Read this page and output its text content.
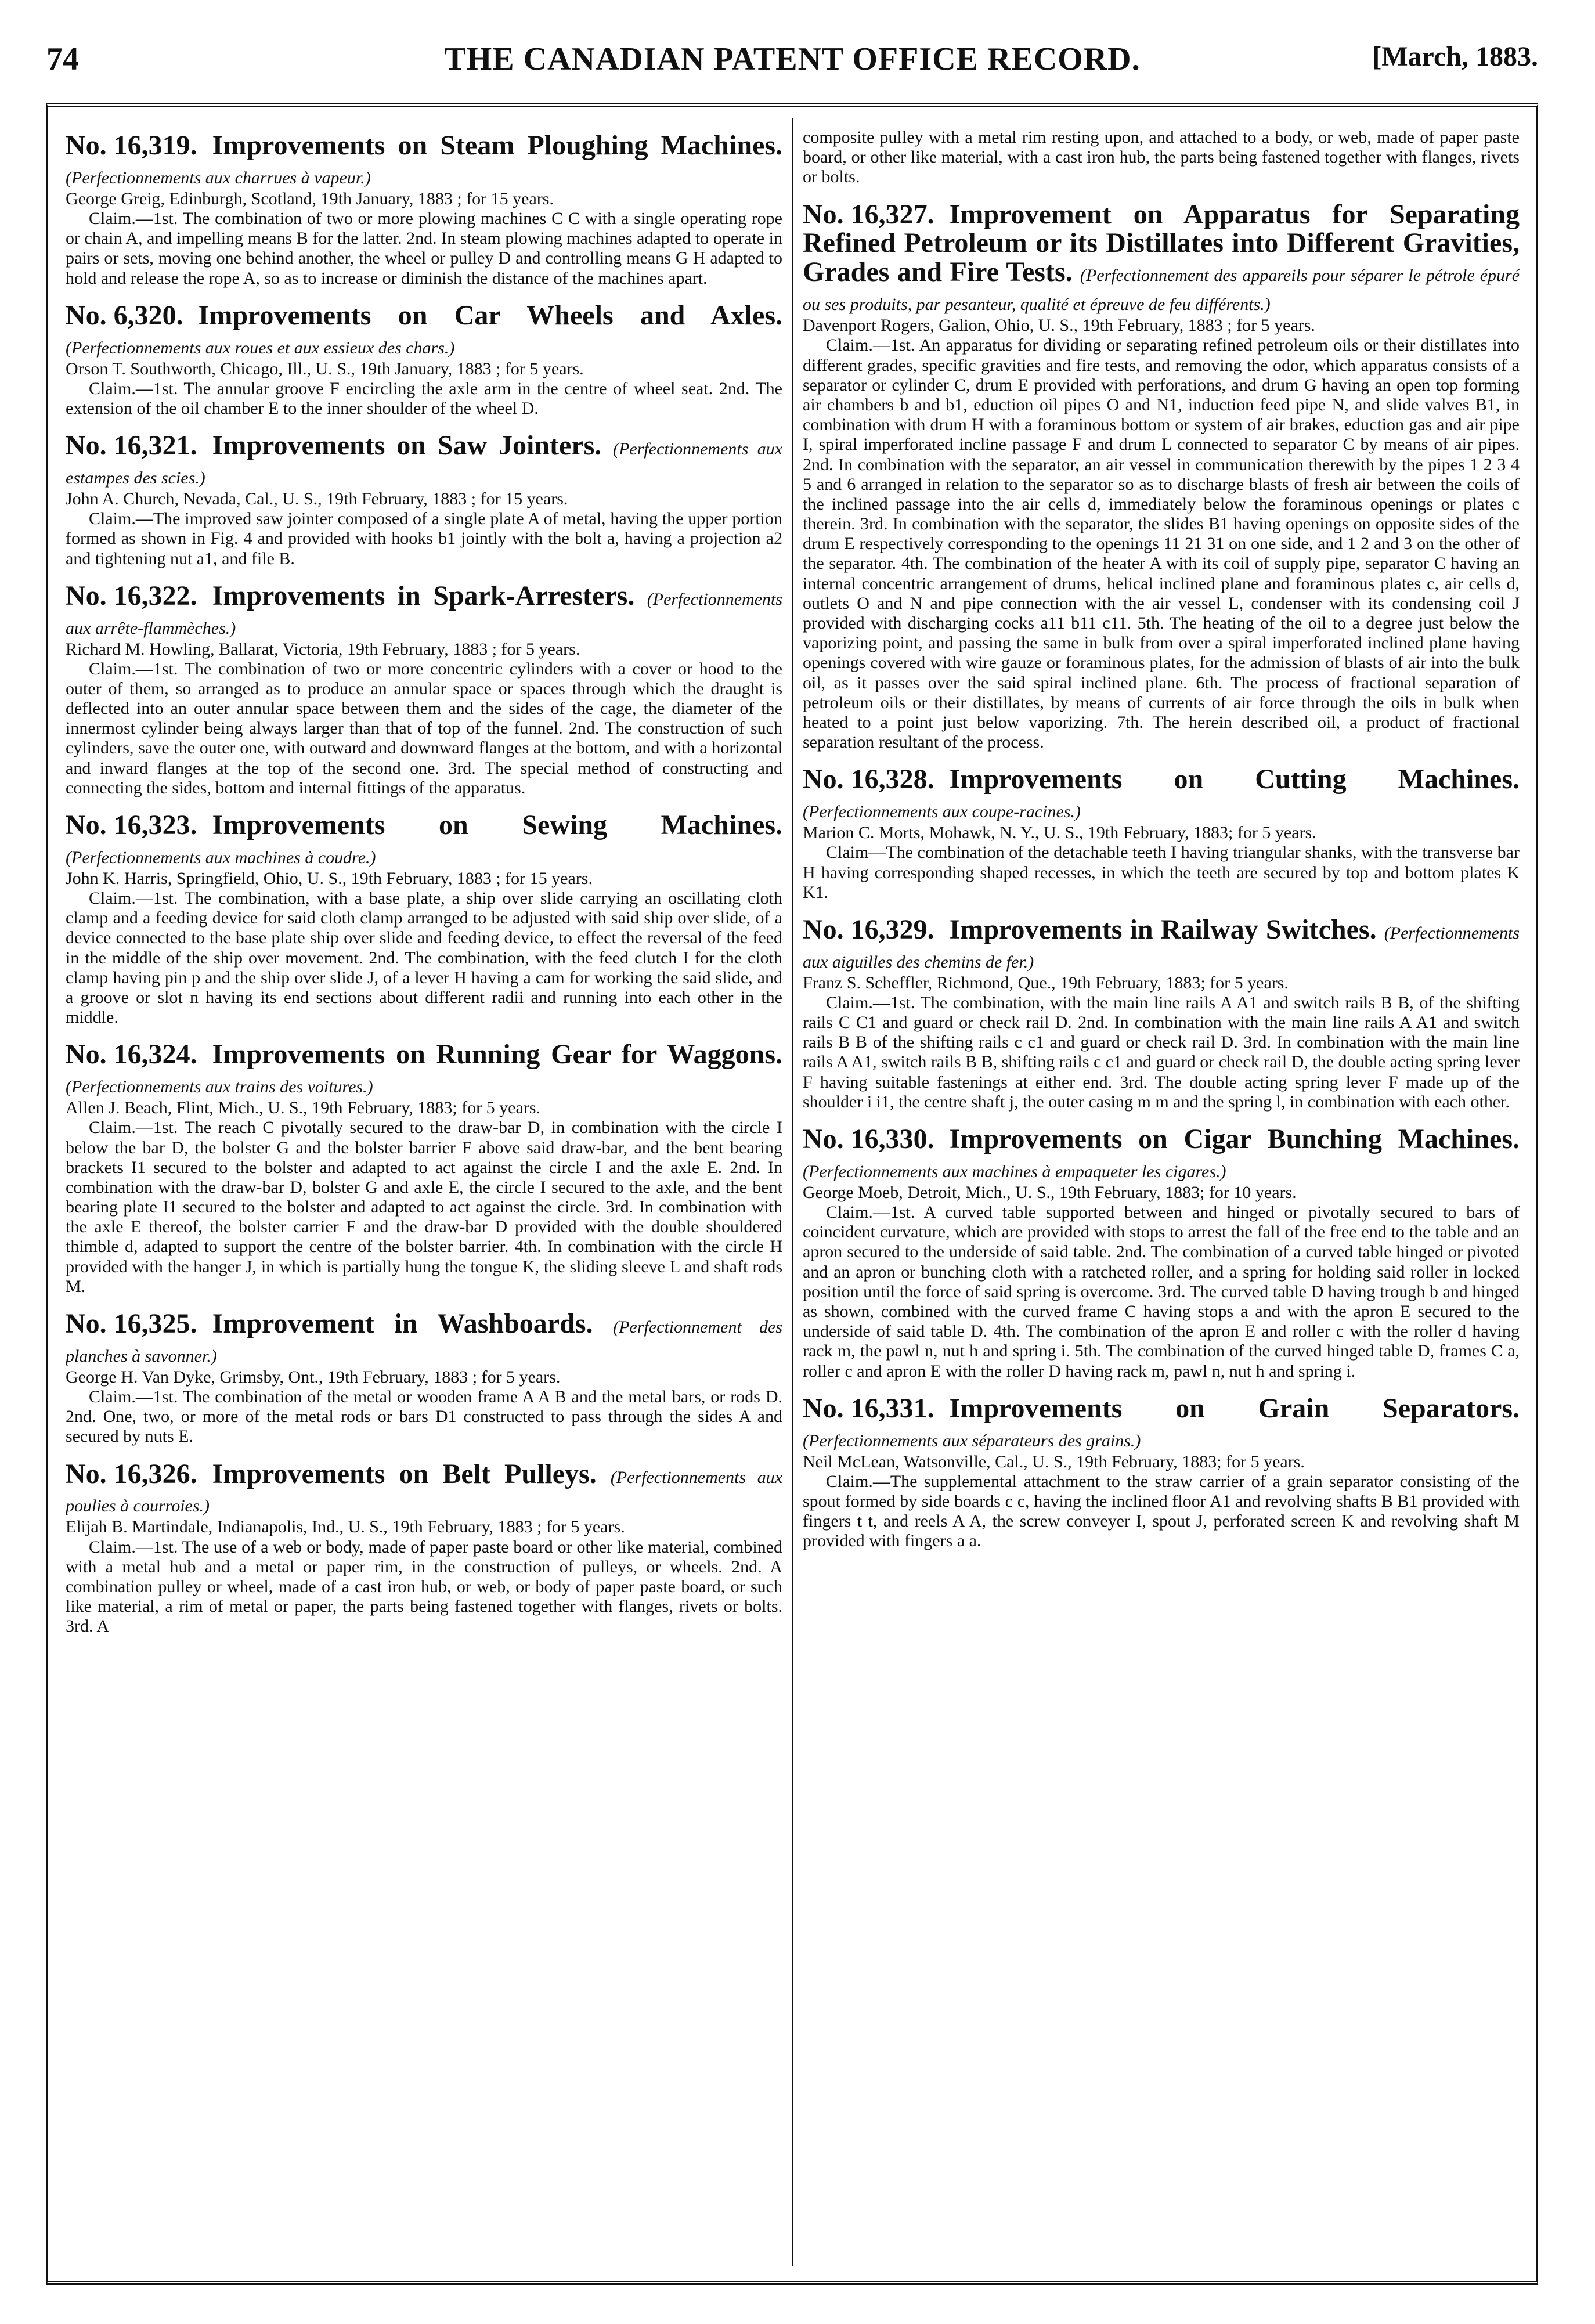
74	THE CANADIAN PATENT OFFICE RECORD.	[March, 1883.
No. 16,319. Improvements on Steam Ploughing Machines. (Perfectionnements aux charrues à vapeur.)

George Greig, Edinburgh, Scotland, 19th January, 1883 ; for 15 years.

Claim.—1st. The combination of two or more plowing machines C C with a single operating rope or chain A, and impelling means B for the latter. 2nd. In steam plowing machines adapted to operate in pairs or sets, moving one behind another, the wheel or pulley D and controlling means G H adapted to hold and release the rope A, so as to increase or diminish the distance of the machines apart.

No. 6,320. Improvements on Car Wheels and Axles. (Perfectionnements aux roues et aux essieux des chars.)

Orson T. Southworth, Chicago, Ill., U. S., 19th January, 1883 ; for 5 years.

Claim.—1st. The annular groove F encircling the axle arm in the centre of wheel seat. 2nd. The extension of the oil chamber E to the inner shoulder of the wheel D.

No. 16,321. Improvements on Saw Jointers. (Perfectionnements aux estampes des scies.)

John A. Church, Nevada, Cal., U. S., 19th February, 1883 ; for 15 years.

Claim.—The improved saw jointer composed of a single plate A of metal, having the upper portion formed as shown in Fig. 4 and provided with hooks b1 jointly with the bolt a, having a projection a2 and tightening nut a1, and file B.

No. 16,322. Improvements in Spark-Arresters. (Perfectionnements aux arrête-flammèches.)

Richard M. Howling, Ballarat, Victoria, 19th February, 1883 ; for 5 years.

Claim.—1st. The combination of two or more concentric cylinders with a cover or hood to the outer of them, so arranged as to produce an annular space or spaces through which the draught is deflected into an outer annular space between them and the sides of the cage, the diameter of the innermost cylinder being always larger than that of top of the funnel. 2nd. The construction of such cylinders, save the outer one, with outward and downward flanges at the bottom, and with a horizontal and inward flanges at the top of the second one. 3rd. The special method of constructing and connecting the sides, bottom and internal fittings of the apparatus.

No. 16,323. Improvements on Sewing Machines. (Perfectionnements aux machines à coudre.)

John K. Harris, Springfield, Ohio, U. S., 19th February, 1883 ; for 15 years.

Claim.—1st. The combination, with a base plate, a ship over slide carrying an oscillating cloth clamp and a feeding device for said cloth clamp arranged to be adjusted with said ship over slide, of a device connected to the base plate ship over slide and feeding device, to effect the reversal of the feed in the middle of the ship over movement. 2nd. The combination, with the feed clutch I for the cloth clamp having pin p and the ship over slide J, of a lever H having a cam for working the said slide, and a groove or slot n having its end sections about different radii and running into each other in the middle.

No. 16,324. Improvements on Running Gear for Waggons. (Perfectionnements aux trains des voitures.)

Allen J. Beach, Flint, Mich., U. S., 19th February, 1883; for 5 years.

Claim.—1st. The reach C pivotally secured to the draw-bar D, in combination with the circle I below the bar D, the bolster G and the bolster barrier F above said draw-bar, and the bent bearing brackets I1 secured to the bolster and adapted to act against the circle I and the axle E. 2nd. In combination with the draw-bar D, bolster G and axle E, the circle I secured to the axle, and the bent bearing plate I1 secured to the bolster and adapted to act against the circle. 3rd. In combination with the axle E thereof, the bolster carrier F and the draw-bar D provided with the double shouldered thimble d, adapted to support the centre of the bolster barrier. 4th. In combination with the circle H provided with the hanger J, in which is partially hung the tongue K, the sliding sleeve L and shaft rods M.

No. 16,325. Improvement in Washboards. (Perfectionnement des planches à savonner.)

George H. Van Dyke, Grimsby, Ont., 19th February, 1883 ; for 5 years.

Claim.—1st. The combination of the metal or wooden frame A A B and the metal bars, or rods D. 2nd. One, two, or more of the metal rods or bars D1 constructed to pass through the sides A and secured by nuts E.

No. 16,326. Improvements on Belt Pulleys. (Perfectionnements aux poulies à courroies.)

Elijah B. Martindale, Indianapolis, Ind., U. S., 19th February, 1883 ; for 5 years.

Claim.—1st. The use of a web or body, made of paper paste board or other like material, combined with a metal hub and a metal or paper rim, in the construction of pulleys, or wheels. 2nd. A combination pulley or wheel, made of a cast iron hub, or web, or body of paper paste board, or such like material, a rim of metal or paper, the parts being fastened together with flanges, rivets or bolts. 3rd. A

composite pulley with a metal rim resting upon, and attached to a body, or web, made of paper paste board, or other like material, with a cast iron hub, the parts being fastened together with flanges, rivets or bolts.

No. 16,327. Improvement on Apparatus for Separating Refined Petroleum or its Distillates into Different Gravities, Grades and Fire Tests. (Perfectionnement des appareils pour séparer le pétrole épuré ou ses produits, par pesanteur, qualité et épreuve de feu différents.)

Davenport Rogers, Galion, Ohio, U. S., 19th February, 1883 ; for 5 years.

Claim.—1st. An apparatus for dividing or separating refined petroleum oils or their distillates into different grades, specific gravities and fire tests, and removing the odor, which apparatus consists of a separator or cylinder C, drum E provided with perforations, and drum G having an open top forming air chambers b and b1, eduction oil pipes O and N1, induction feed pipe N, and slide valves B1, in combination with drum H with a foraminous bottom or system of air brakes, eduction gas and air pipe I, spiral imperforated incline passage F and drum L connected to separator C by means of air pipes. 2nd. In combination with the separator, an air vessel in communication therewith by the pipes 1 2 3 4 5 and 6 arranged in relation to the separator so as to discharge blasts of fresh air between the coils of the inclined passage into the air cells d, immediately below the foraminous openings or plates c therein. 3rd. In combination with the separator, the slides B1 having openings on opposite sides of the drum E respectively corresponding to the openings 11 21 31 on one side, and 1 2 and 3 on the other of the separator. 4th. The combination of the heater A with its coil of supply pipe, separator C having an internal concentric arrangement of drums, helical inclined plane and foraminous plates c, air cells d, outlets O and N and pipe connection with the air vessel L, condenser with its condensing coil J provided with discharging cocks a11 b11 c11. 5th. The heating of the oil to a degree just below the vaporizing point, and passing the same in bulk from over a spiral imperforated inclined plane having openings covered with wire gauze or foraminous plates, for the admission of blasts of air into the bulk oil, as it passes over the said spiral inclined plane. 6th. The process of fractional separation of petroleum oils or their distillates, by means of currents of air force through the oils in bulk when heated to a point just below vaporizing. 7th. The herein described oil, a product of fractional separation resultant of the process.

No. 16,328. Improvements on Cutting Machines. (Perfectionnements aux coupe-racines.)

Marion C. Morts, Mohawk, N. Y., U. S., 19th February, 1883; for 5 years.

Claim—The combination of the detachable teeth I having triangular shanks, with the transverse bar H having corresponding shaped recesses, in which the teeth are secured by top and bottom plates K K1.

No. 16,329. Improvements in Railway Switches. (Perfectionnements aux aiguilles des chemins de fer.)

Franz S. Scheffler, Richmond, Que., 19th February, 1883; for 5 years.

Claim.—1st. The combination, with the main line rails A A1 and switch rails B B, of the shifting rails C C1 and guard or check rail D. 2nd. In combination with the main line rails A A1 and switch rails B B of the shifting rails c c1 and guard or check rail D. 3rd. In combination with the main line rails A A1, switch rails B B, shifting rails c c1 and guard or check rail D, the double acting spring lever F having suitable fastenings at either end. 3rd. The double acting spring lever F made up of the shoulder i i1, the centre shaft j, the outer casing m m and the spring l, in combination with each other.

No. 16,330. Improvements on Cigar Bunching Machines. (Perfectionnements aux machines à empaqueter les cigares.)

George Moeb, Detroit, Mich., U. S., 19th February, 1883; for 10 years.

Claim.—1st. A curved table supported between and hinged or pivotally secured to bars of coincident curvature, which are provided with stops to arrest the fall of the free end to the table and an apron secured to the underside of said table. 2nd. The combination of a curved table hinged or pivoted and an apron or bunching cloth with a ratcheted roller, and a spring for holding said roller in locked position until the force of said spring is overcome. 3rd. The curved table D having trough b and hinged as shown, combined with the curved frame C having stops a and with the apron E secured to the underside of said table D. 4th. The combination of the apron E and roller c with the roller d having rack m, the pawl n, nut h and spring i. 5th. The combination of the curved hinged table D, frames C a, roller c and apron E with the roller D having rack m, pawl n, nut h and spring i.

No. 16,331. Improvements on Grain Separators. (Perfectionnements aux séparateurs des grains.)

Neil McLean, Watsonville, Cal., U. S., 19th February, 1883; for 5 years.

Claim.—The supplemental attachment to the straw carrier of a grain separator consisting of the spout formed by side boards c c, having the inclined floor A1 and revolving shafts B B1 provided with fingers t t, and reels A A, the screw conveyer I, spout J, perforated screen K and revolving shaft M provided with fingers a a.
